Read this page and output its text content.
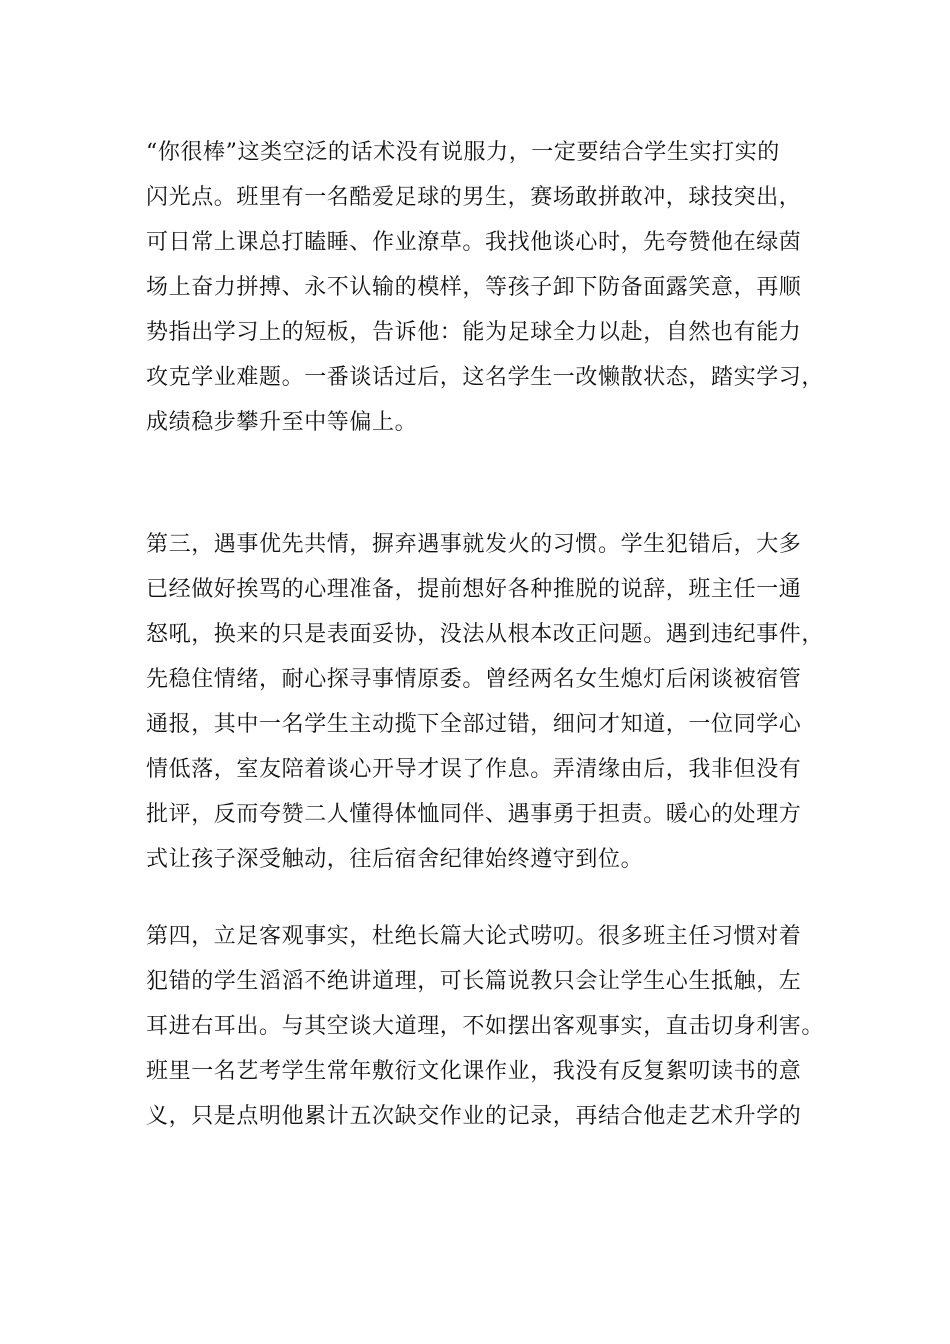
“你很棒”这类空泛的话术没有说服力，一定要结合学生实打实的
闪光点。班里有一名酷爱足球的男生，赛场敢拼敢冲，球技突出，
可日常上课总打瞌睡、作业潦草。我找他谈心时，先夸赞他在绿茵
场上奋力拼搏、永不认输的模样，等孩子卸下防备面露笑意，再顺
势指出学习上的短板，告诉他：能为足球全力以赴，自然也有能力
攻克学业难题。一番谈话过后，这名学生一改懒散状态，踏实学习，
成绩稳步攀升至中等偏上。
第三，遇事优先共情，摒弃遇事就发火的习惯。学生犯错后，大多
已经做好挨骂的心理准备，提前想好各种推脱的说辞，班主任一通
怒吼，换来的只是表面妥协，没法从根本改正问题。遇到违纪事件，
先稳住情绪，耐心探寻事情原委。曾经两名女生熄灯后闲谈被宿管
通报，其中一名学生主动揽下全部过错，细问才知道，一位同学心
情低落，室友陪着谈心开导才误了作息。弄清缘由后，我非但没有
批评，反而夸赞二人懂得体恤同伴、遇事勇于担责。暖心的处理方
式让孩子深受触动，往后宿舍纪律始终遵守到位。
第四，立足客观事实，杜绝长篇大论式唠叨。很多班主任习惯对着
犯错的学生滔滔不绝讲道理，可长篇说教只会让学生心生抵触，左
耳进右耳出。与其空谈大道理，不如摆出客观事实，直击切身利害。
班里一名艺考学生常年敷衍文化课作业，我没有反复絮叨读书的意
义，只是点明他累计五次缺交作业的记录，再结合他走艺术升学的
